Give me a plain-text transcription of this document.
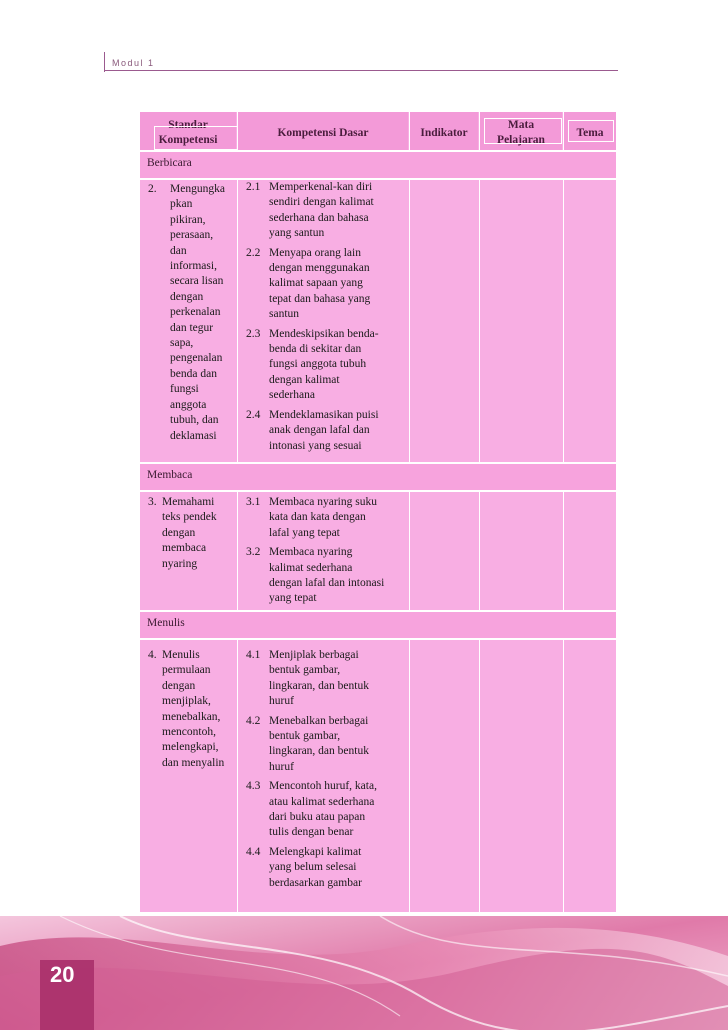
Modul 1
Standar
Kompetensi
Kompetensi Dasar	Indikator
Mata
Pelajaran
Tema
Berbicara
2. Mengungka
pkan
pikiran,
perasaan,
dan
informasi,
secara lisan
dengan
perkenalan
dan tegur
sapa,
pengenalan
benda dan
fungsi
anggota
tubuh, dan
deklamasi
2.1 Memperkenal-kan diri
sendiri dengan kalimat
sederhana dan bahasa
yang santun
2.2 Menyapa orang lain
dengan menggunakan
kalimat sapaan yang
tepat dan bahasa yang
santun
2.3 Mendeskipsikan benda-
benda di sekitar dan
fungsi anggota tubuh
dengan kalimat
sederhana
2.4 Mendeklamasikan puisi
anak dengan lafal dan
intonasi yang sesuai
Membaca
3. Memahami
teks pendek
dengan
membaca
nyaring
3.1 Membaca nyaring suku
kata dan kata dengan
lafal yang tepat
3.2 Membaca nyaring
kalimat sederhana
dengan lafal dan intonasi
yang tepat
Menulis
4. Menulis
permulaan
dengan
menjiplak,
menebalkan,
mencontoh,
melengkapi,
dan menyalin
4.1 Menjiplak berbagai
bentuk gambar,
lingkaran, dan bentuk
huruf
4.2 Menebalkan berbagai
bentuk gambar,
lingkaran, dan bentuk
huruf
4.3 Mencontoh huruf, kata,
atau kalimat sederhana
dari buku atau papan
tulis dengan benar
4.4 Melengkapi kalimat
yang belum selesai
berdasarkan gambar
20
